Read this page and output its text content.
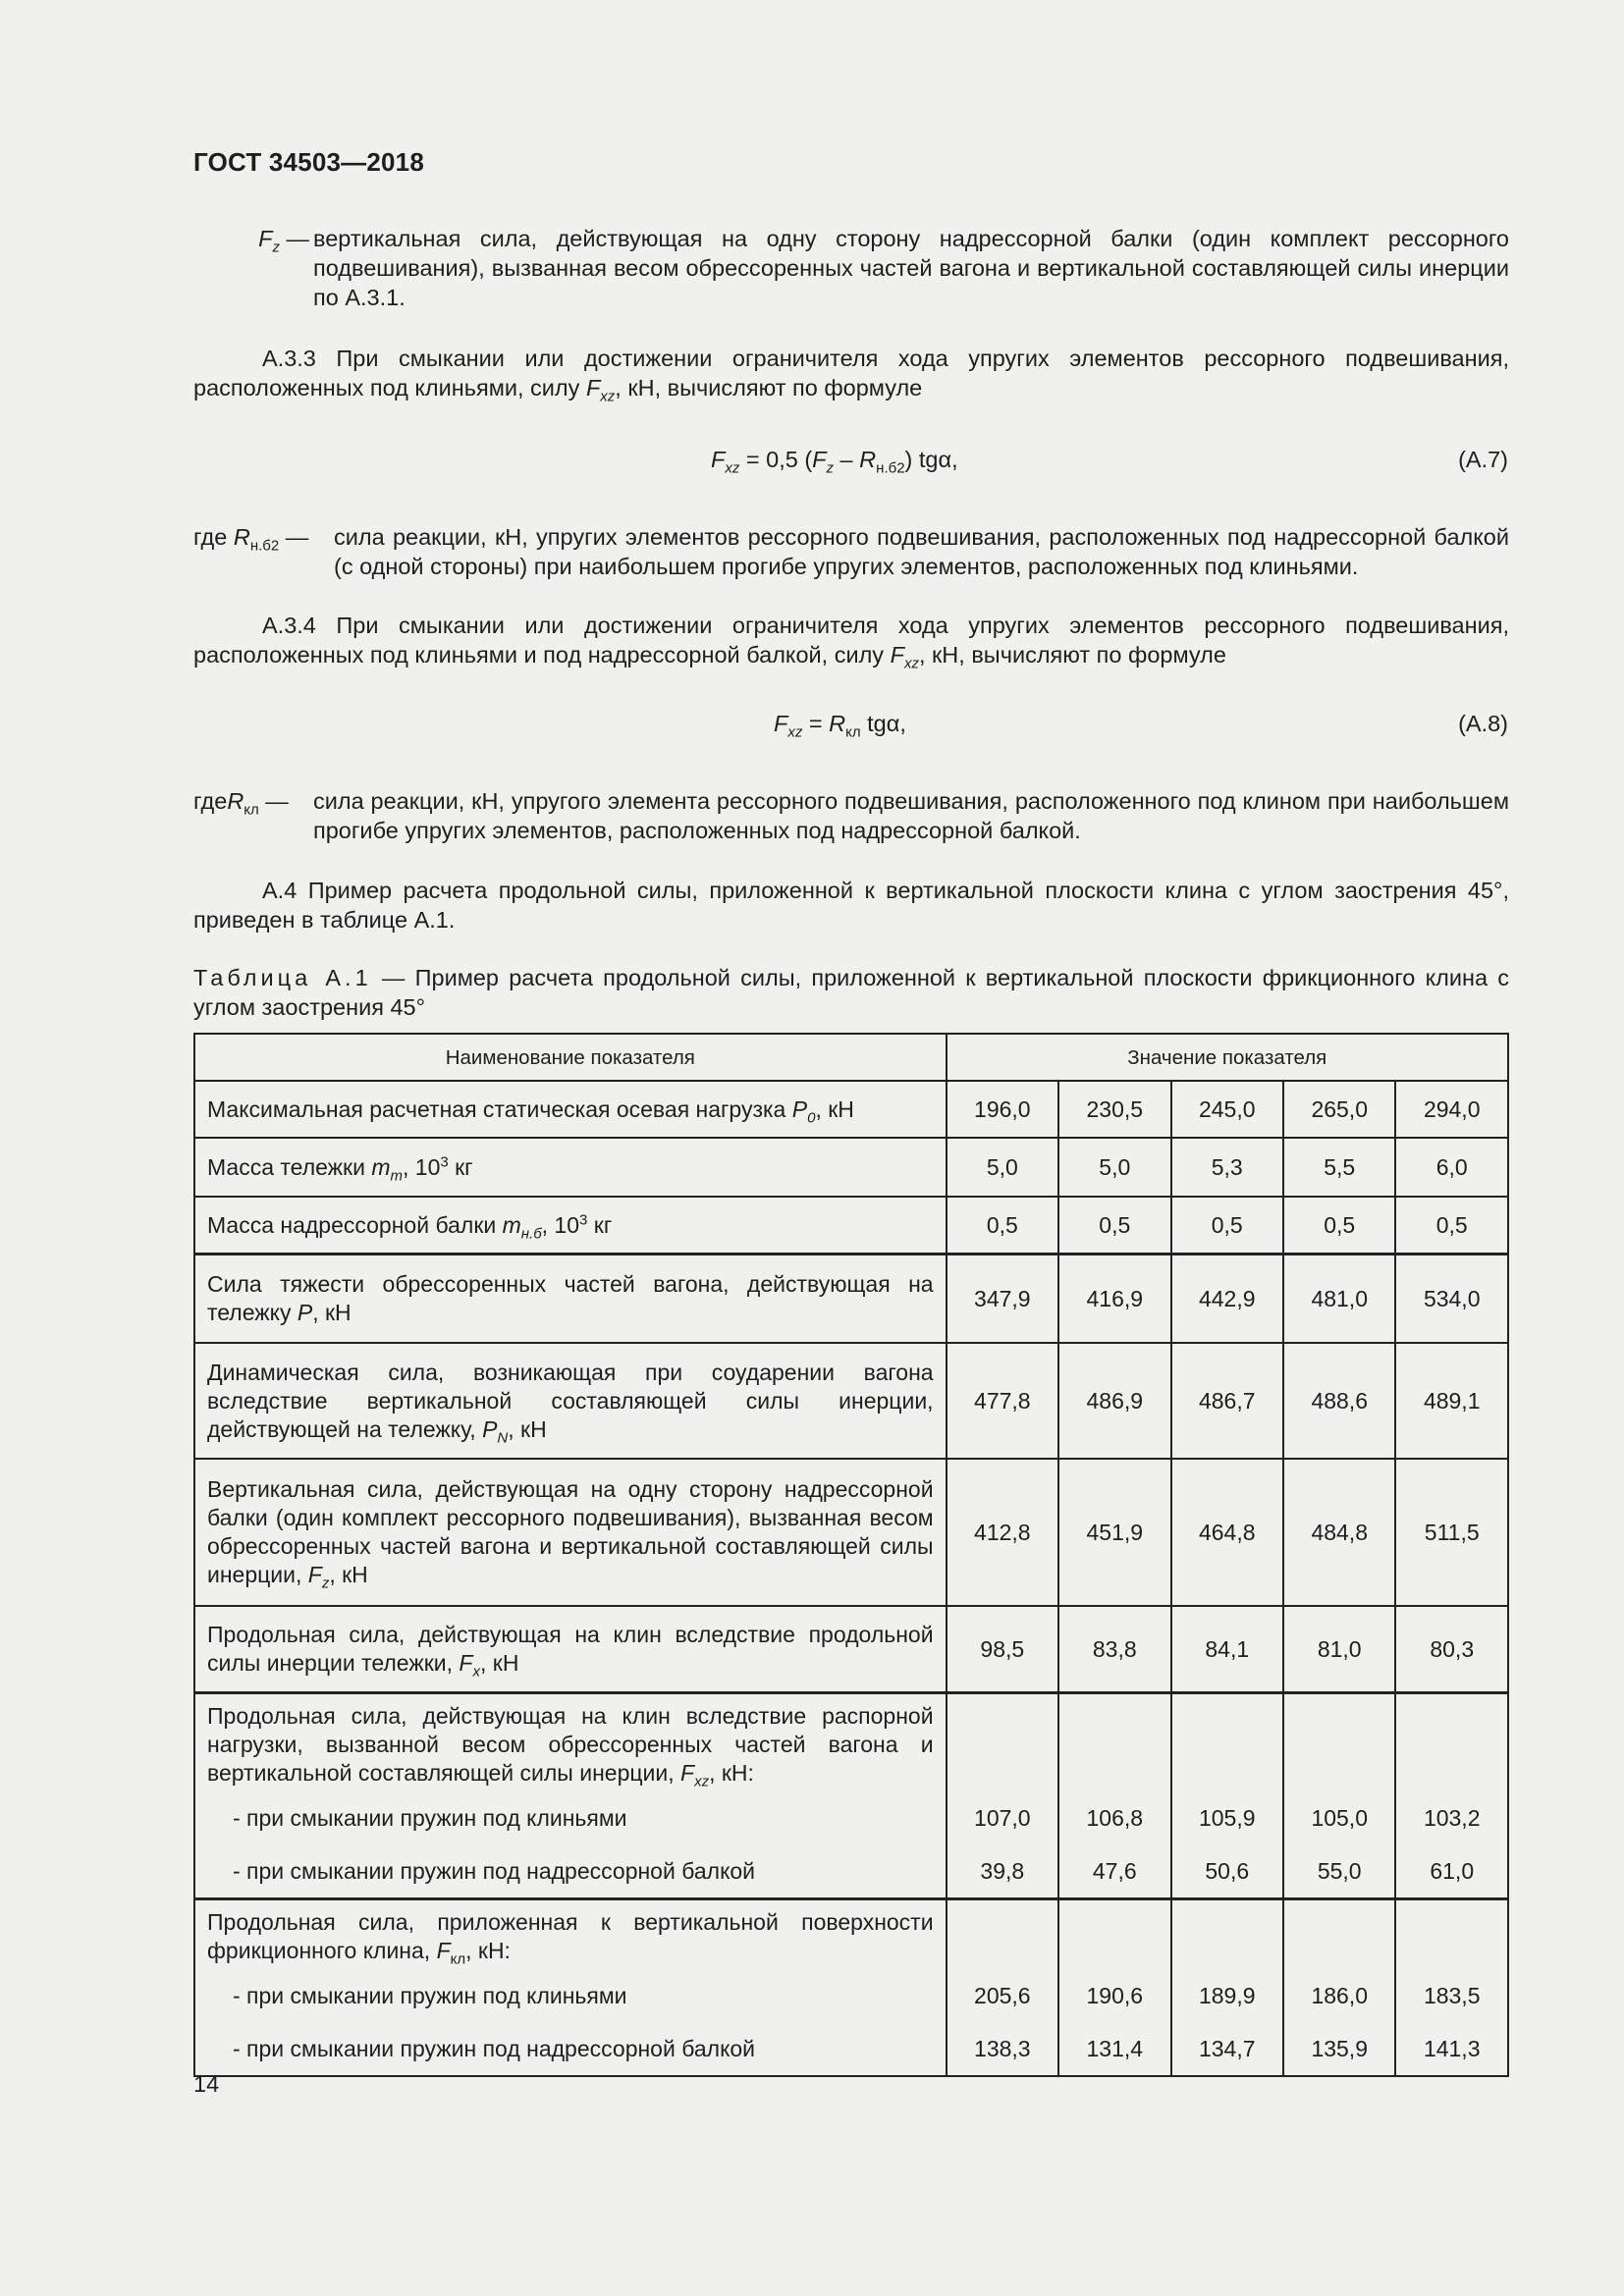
ГОСТ 34503—2018
$F_z$ — вертикальная сила, действующая на одну сторону надрессорной балки (один комплект рессорного подвешивания), вызванная весом обрессоренных частей вагона и вертикальной составляющей силы инерции по А.3.1.
А.3.3 При смыкании или достижении ограничителя хода упругих элементов рессорного подвешивания, расположенных под клиньями, силу $F_{xz}$, кН, вычисляют по формуле
$F_{xz} = 0,5$ $(F_z - R_{н.б2})$ tgα,	(А.7)
где $R_{н.б2}$ —	сила реакции, кН, упругих элементов рессорного подвешивания, расположенных под надрессорной балкой (с одной стороны) при наибольшем прогибе упругих элементов, расположенных под клиньями.
А.3.4 При смыкании или достижении ограничителя хода упругих элементов рессорного подвешивания, расположенных под клиньями и под надрессорной балкой, силу $F_{xz}$, кН, вычисляют по формуле
$F_{xz} = R_{кл}$ tgα,	(А.8)
гдеR$_{кл}$ —	сила реакции, кН, упругого элемента рессорного подвешивания, расположенного под клином при наибольшем прогибе упругих элементов, расположенных под надрессорной балкой.
А.4 Пример расчета продольной силы, приложенной к вертикальной плоскости клина с углом заострения 45°, приведен в таблице А.1.
Таблица А.1 — Пример расчета продольной силы, приложенной к вертикальной плоскости фрикционного клина с углом заострения 45°
Наименование показателя	Значение показателя				
Максимальная расчетная статическая осевая нагрузка $P_0$, кН	196,0	230,5	245,0	265,0	294,0
Масса тележки $m_т$, $10^3$ кг	5,0	5,0	5,3	5,5	6,0
Масса надрессорной балки $m_{н.б}$, $10^3$ кг	0,5	0,5	0,5	0,5	0,5
Сила тяжести обрессоренных частей вагона, действующая на тележку P, кН	347,9	416,9	442,9	481,0	534,0
Динамическая сила, возникающая при соударении вагона вследствие вертикальной составляющей силы инерции, действующей на тележку, $P_N$, кН	477,8	486,9	486,7	488,6	489,1
Вертикальная сила, действующая на одну сторону надрессорной балки (один комплект рессорного подвешивания), вызванная весом обрессоренных частей вагона и вертикальной составляющей силы инерции, $F_z$, кН	412,8	451,9	464,8	484,8	511,5
Продольная сила, действующая на клин вследствие продольной силы инерции тележки, $F_x$, кН	98,5	83,8	84,1	81,0	80,3
Продольная сила, действующая на клин вследствие распорной нагрузки, вызванной весом обрессоренных частей вагона и вертикальной составляющей силы инерции, $F_{xz}$, кН:					
- при смыкании пружин под клиньями	107,0	106,8	105,9	105,0	103,2
- при смыкании пружин под надрессорной балкой	39,8	47,6	50,6	55,0	61,0
Продольная сила, приложенная к вертикальной поверхности фрикционного клина, $F_{кл}$, кН:					
- при смыкании пружин под клиньями	205,6	190,6	189,9	186,0	183,5
- при смыкании пружин под надрессорной балкой	138,3	131,4	134,7	135,9	141,3
14
